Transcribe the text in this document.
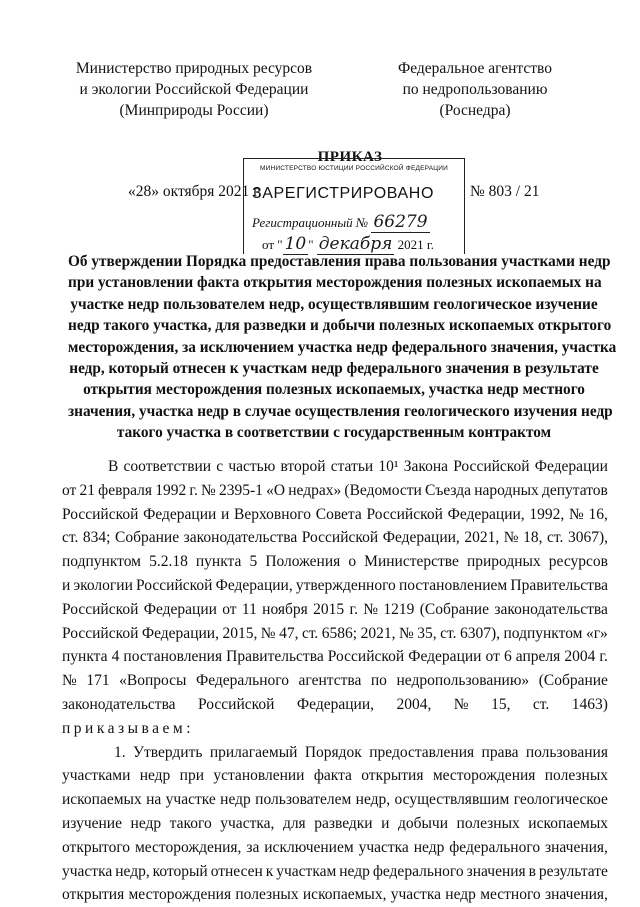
Министерство природных ресурсов
и экологии Российской Федерации
(Минприроды России)
Федеральное агентство
по недропользованию
(Роснедра)
ПРИКАЗ
«28» октября 2021 г.	№ 803 / 21
МИНИСТЕРСТВО ЮСТИЦИИ РОССИЙСКОЙ ФЕДЕРАЦИИ
ЗАРЕГИСТРИРОВАНО
Регистрационный № 66279
от " 10 " декабря 2021 г.
Об утверждении Порядка предоставления права пользования участками недр
при установлении факта открытия месторождения полезных ископаемых на
участке недр пользователем недр, осуществлявшим геологическое изучение
недр такого участка, для разведки и добычи полезных ископаемых открытого
месторождения, за исключением участка недр федерального значения, участка
недр, который отнесен к участкам недр федерального значения в результате
открытия месторождения полезных ископаемых, участка недр местного
значения, участка недр в случае осуществления геологического изучения недр
такого участка в соответствии с государственным контрактом
В соответствии с частью второй статьи 10¹ Закона Российской Федерации
от 21 февраля 1992 г. № 2395-1 «О недрах» (Ведомости Съезда народных депутатов
Российской Федерации и Верховного Совета Российской Федерации, 1992, № 16,
ст. 834; Собрание законодательства Российской Федерации, 2021, № 18, ст. 3067),
подпунктом 5.2.18 пункта 5 Положения о Министерстве природных ресурсов
и экологии Российской Федерации, утвержденного постановлением Правительства
Российской Федерации от 11 ноября 2015 г. № 1219 (Собрание законодательства
Российской Федерации, 2015, № 47, ст. 6586; 2021, № 35, ст. 6307), подпунктом «г»
пункта 4 постановления Правительства Российской Федерации от 6 апреля 2004 г.
№ 171 «Вопросы Федерального агентства по недропользованию» (Собрание
законодательства Российской Федерации, 2004, № 15, ст. 1463)
приказываем:
1. Утвердить прилагаемый Порядок предоставления права пользования
участками недр при установлении факта открытия месторождения полезных
ископаемых на участке недр пользователем недр, осуществлявшим геологическое
изучение недр такого участка, для разведки и добычи полезных ископаемых
открытого месторождения, за исключением участка недр федерального значения,
участка недр, который отнесен к участкам недр федерального значения в результате
открытия месторождения полезных ископаемых, участка недр местного значения,
